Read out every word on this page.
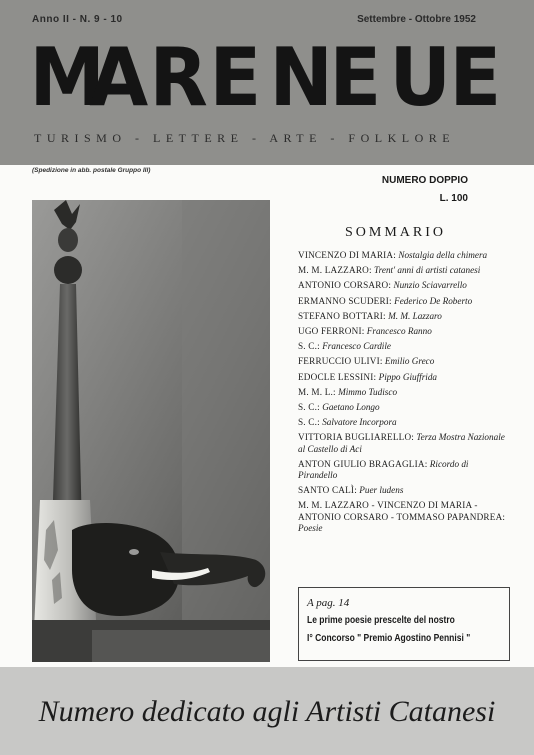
Anno II - N. 9 - 10	Settembre - Ottobre 1952
M
A R E N
E U
E
TURISMO - LETTERE - ARTE - FOLKLORE
(Spedizione in abb. postale Gruppo III)
NUMERO DOPPIO
L. 100
SOMMARIO
VINCENZO DI MARIA: Nostalgia della chimera
M. M. LAZZARO: Trent' anni di artisti catanesi
ANTONIO CORSARO: Nunzio Sciavarrello
ERMANNO SCUDERI: Federico De Roberto
STEFANO BOTTARI: M. M. Lazzaro
UGO FERRONI: Francesco Ranno
S. C.: Francesco Cardile
FERRUCCIO ULIVI: Emilio Greco
EDOCLE LESSINI: Pippo Giuffrida
M. M. L.: Mimmo Tudisco
S. C.: Gaetano Longo
S. C.: Salvatore Incorpora
VITTORIA BUGLIARELLO: Terza Mostra Nazionale al Castello di Aci
ANTON GIULIO BRAGAGLIA: Ricordo di Pirandello
SANTO CALÌ: Puer ludens
M. M. LAZZARO - VINCENZO DI MARIA - ANTONIO CORSARO - TOMMASO PAPANDREA: Poesie
A pag. 14
Le prime poesie prescelte del nostro
I° Concorso " Premio Agostino Pennisi "
Numero dedicato agli Artisti Catanesi
